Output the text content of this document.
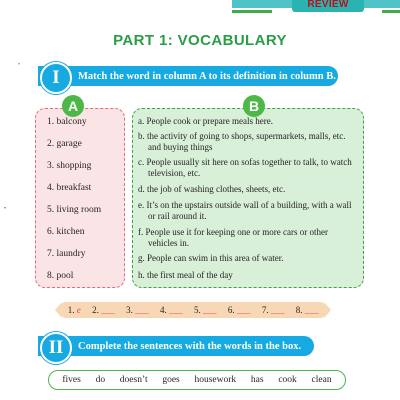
REVIEW
PART 1: VOCABULARY
•
•
Match the word in column A to its definition in column B.
I
A	B
1. balcony
2. garage
3. shopping
4. breakfast
5. living room
6. kitchen
7. laundry
8. pool
a. People cook or prepare meals here.
b. the activity of going to shops, supermarkets, malls, etc.
and buying things
c. People usually sit here on sofas together to talk, to watch
television, etc.
d. the job of washing clothes, sheets, etc.
e. It’s on the upstairs outside wall of a building, with a wall
or rail around it.
f. People use it for keeping one or more cars or other
vehicles in.
g. People can swim in this area of water.
h. the first meal of the day
1. e 2. ___ 3. ___ 4. ___ 5. ___ 6. ___ 7. ___ 8. ___
Complete the sentences with the words in the box.
II
fives do doesn’t goes housework has cook clean
